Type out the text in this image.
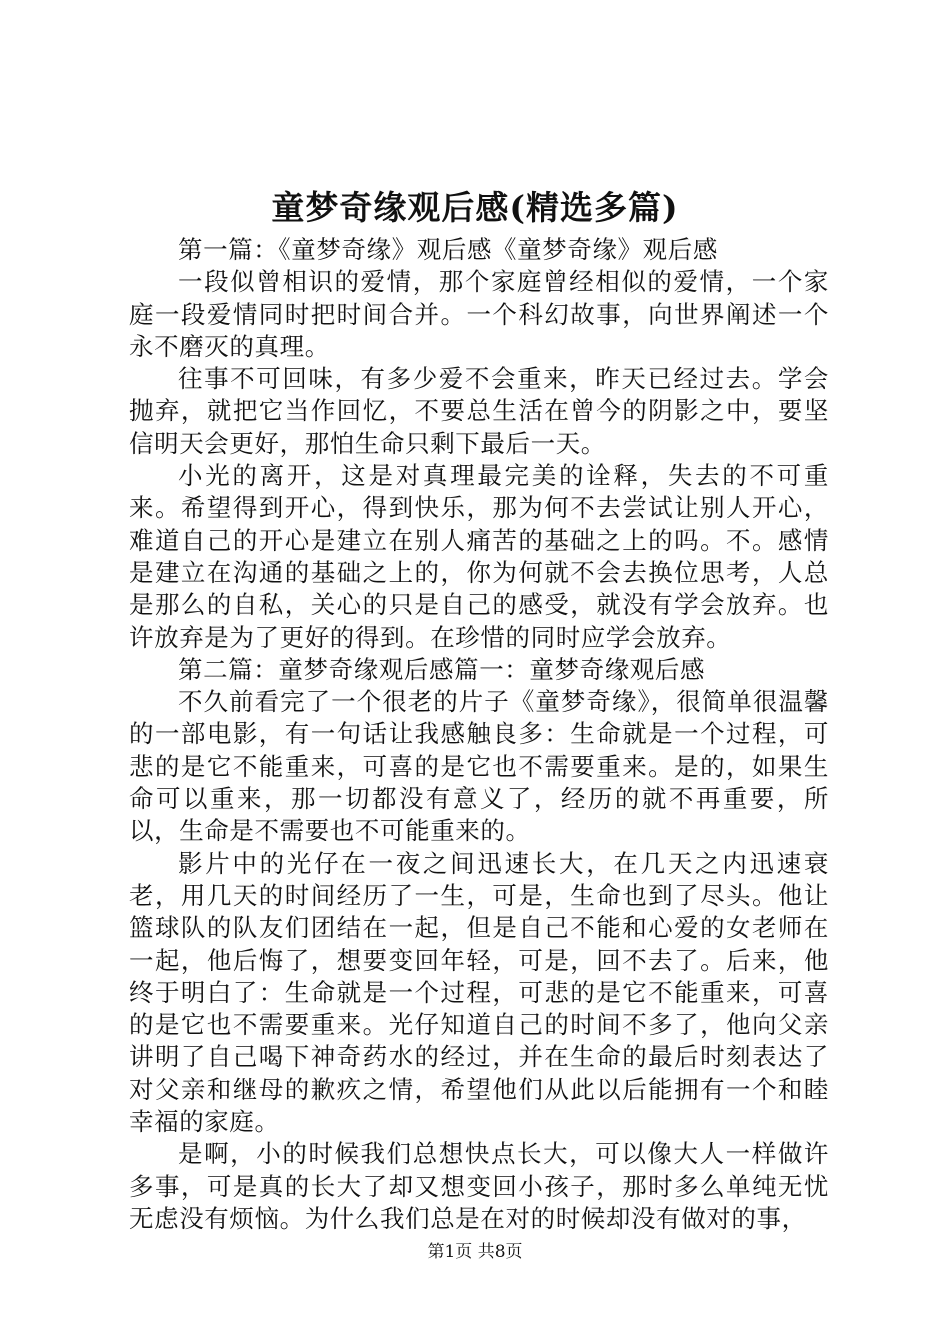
童梦奇缘观后感(精选多篇)

第一篇：《童梦奇缘》观后感《童梦奇缘》观后感

一段似曾相识的爱情，那个家庭曾经相似的爱情，一个家庭一段爱情同时把时间合并。一个科幻故事，向世界阐述一个永不磨灭的真理。

往事不可回味，有多少爱不会重来，昨天已经过去。学会抛弃，就把它当作回忆，不要总生活在曾今的阴影之中，要坚信明天会更好，那怕生命只剩下最后一天。

小光的离开，这是对真理最完美的诠释，失去的不可重来。希望得到开心，得到快乐，那为何不去尝试让别人开心，难道自己的开心是建立在别人痛苦的基础之上的吗。不。感情是建立在沟通的基础之上的，你为何就不会去换位思考，人总是那么的自私，关心的只是自己的感受，就没有学会放弃。也许放弃是为了更好的得到。在珍惜的同时应学会放弃。

第二篇：童梦奇缘观后感篇一：童梦奇缘观后感

不久前看完了一个很老的片子《童梦奇缘》，很简单很温馨的一部电影，有一句话让我感触良多：生命就是一个过程，可悲的是它不能重来，可喜的是它也不需要重来。是的，如果生命可以重来，那一切都没有意义了，经历的就不再重要，所以，生命是不需要也不可能重来的。

影片中的光仔在一夜之间迅速长大，在几天之内迅速衰老，用几天的时间经历了一生，可是，生命也到了尽头。他让篮球队的队友们团结在一起，但是自己不能和心爱的女老师在一起，他后悔了，想要变回年轻，可是，回不去了。后来，他终于明白了：生命就是一个过程，可悲的是它不能重来，可喜的是它也不需要重来。光仔知道自己的时间不多了，他向父亲讲明了自己喝下神奇药水的经过，并在生命的最后时刻表达了对父亲和继母的歉疚之情，希望他们从此以后能拥有一个和睦幸福的家庭。

是啊，小的时候我们总想快点长大，可以像大人一样做许多事，可是真的长大了却又想变回小孩子，那时多么单纯无忧无虑没有烦恼。为什么我们总是在对的时候却没有做对的事，

第1页 共8页
